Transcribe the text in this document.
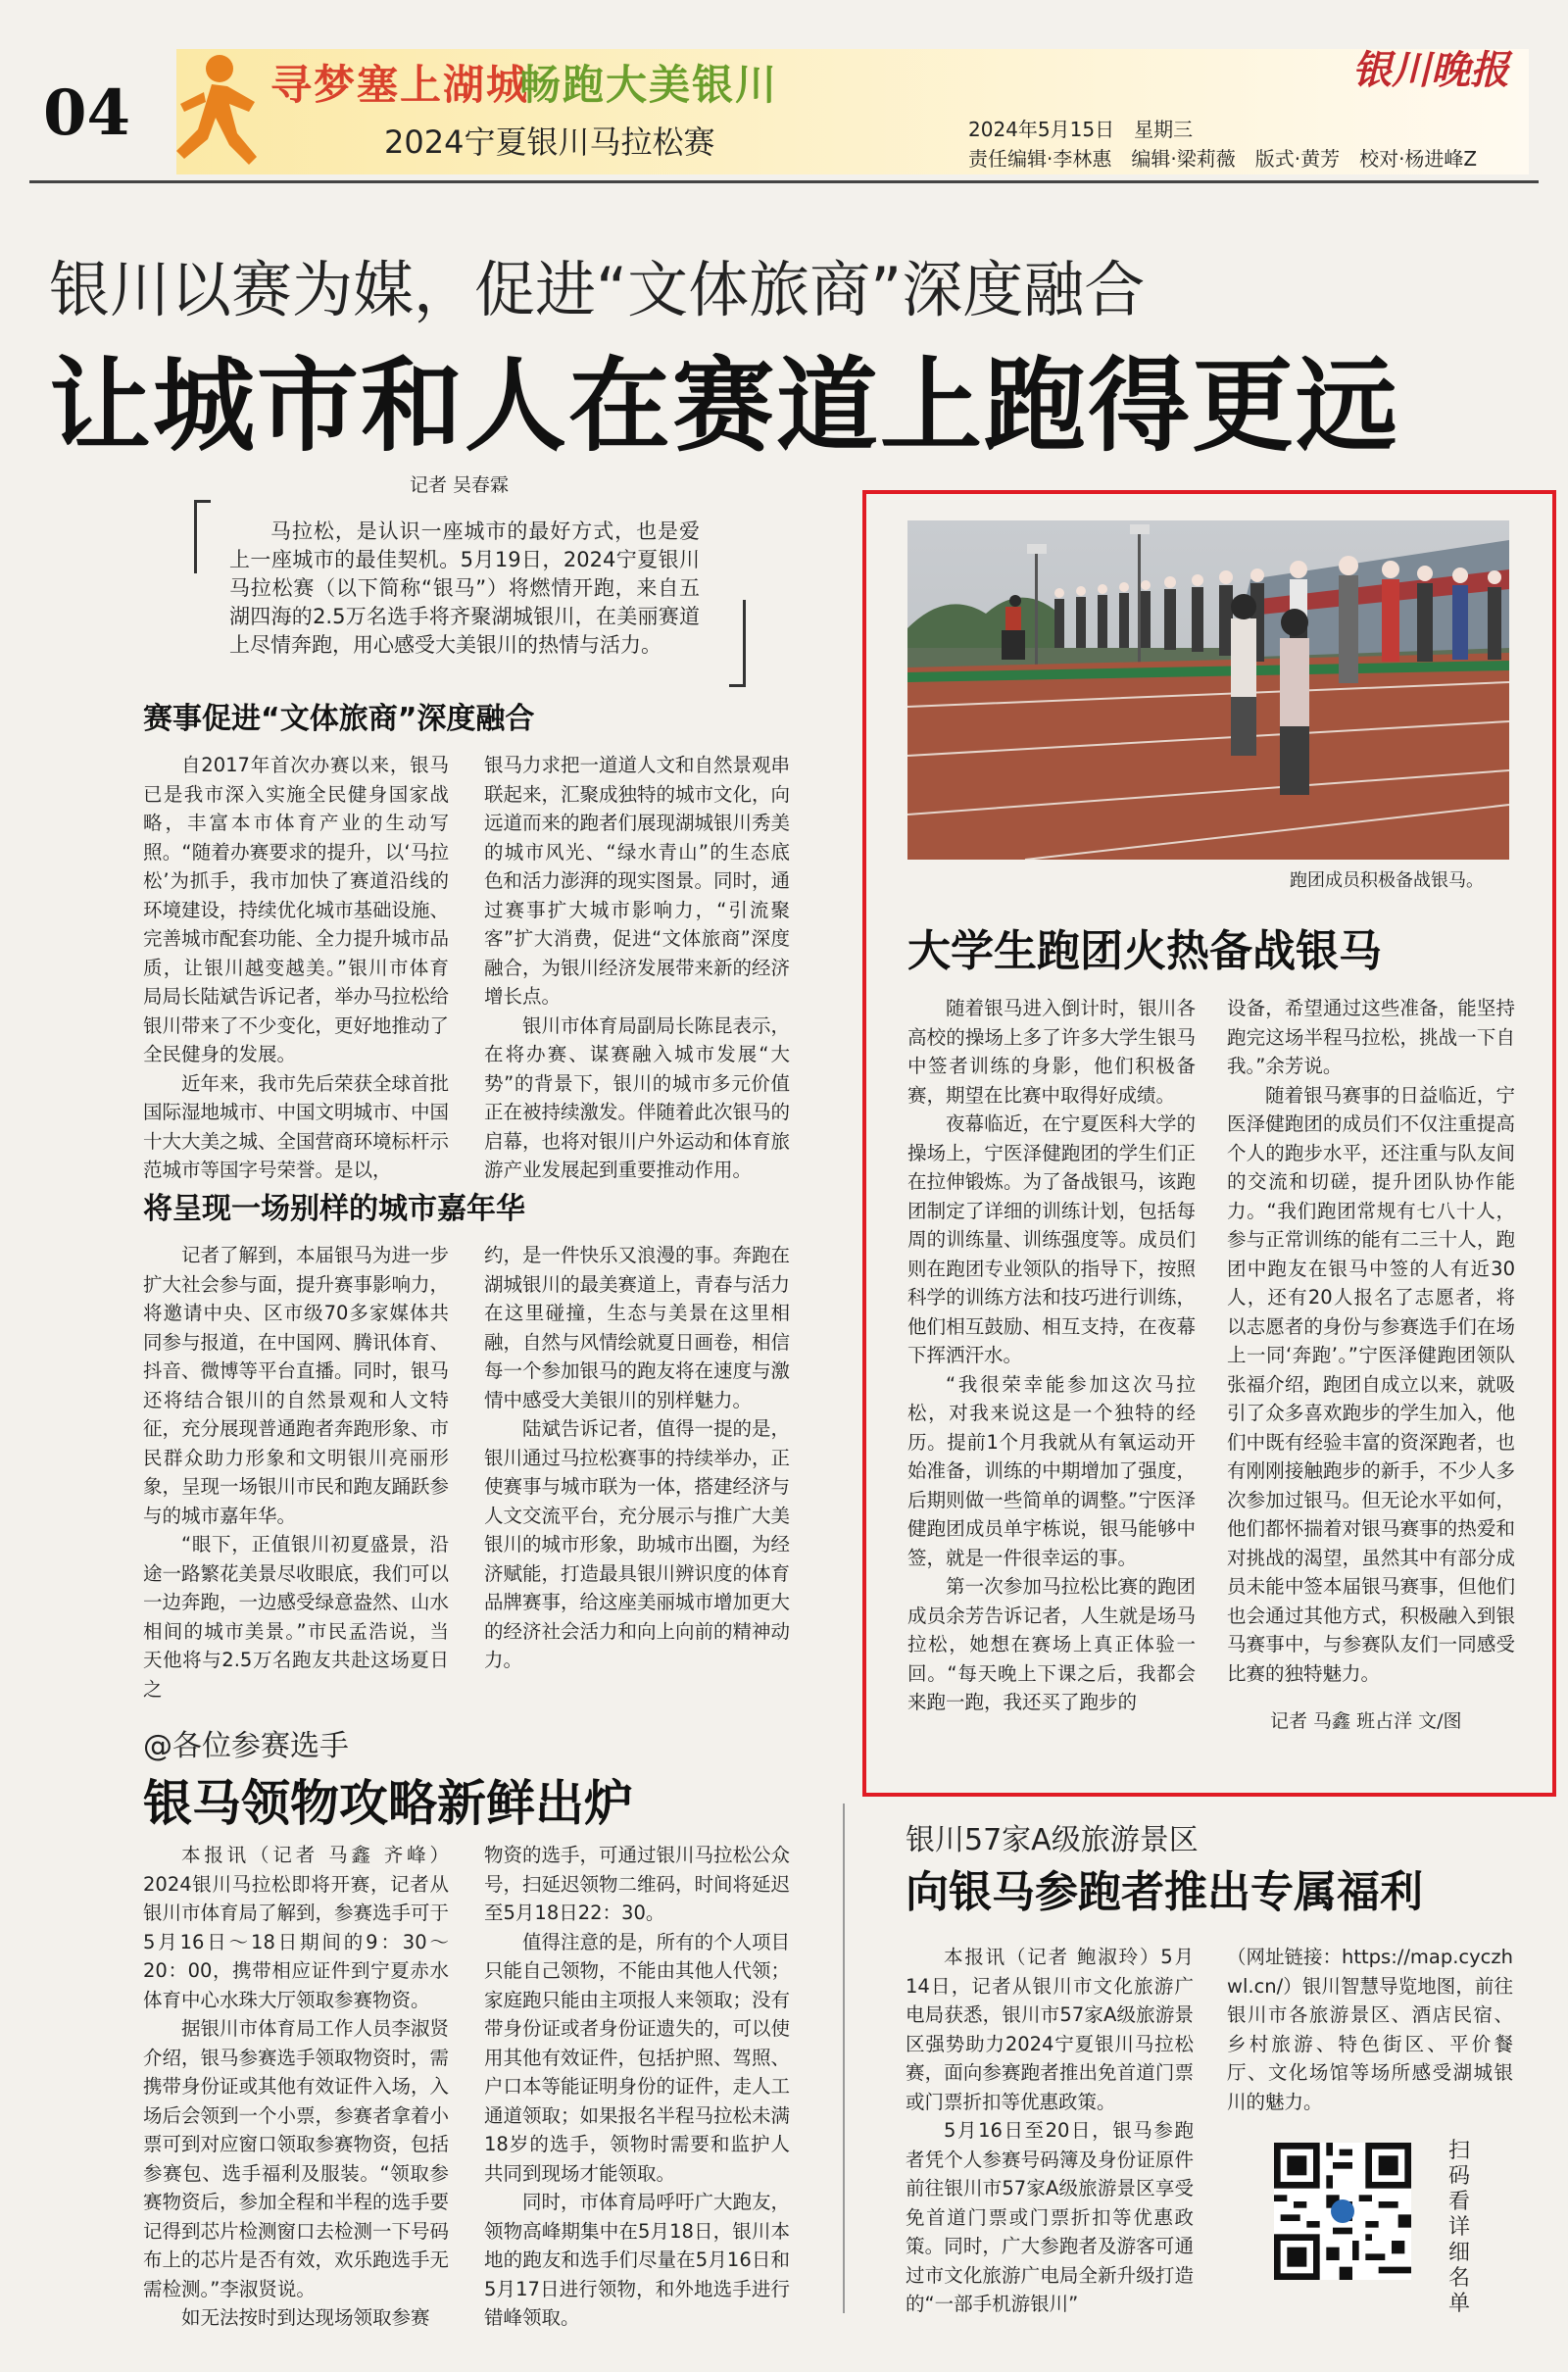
04	寻梦塞上湖城
畅跑大美银川
2024宁夏银川马拉松赛
银川晚报
2024年5月15日　星期三
责任编辑·李林惠　编辑·梁莉薇　版式·黄芳　校对·杨进峰Z
银川以赛为媒，促进“文体旅商”深度融合
让城市和人在赛道上跑得更远
记者 吴春霖
马拉松，是认识一座城市的最好方式，也是爱上一座城市的最佳契机。5月19日，2024宁夏银川马拉松赛（以下简称“银马”）将燃情开跑，来自五湖四海的2.5万名选手将齐聚湖城银川，在美丽赛道上尽情奔跑，用心感受大美银川的热情与活力。
赛事促进“文体旅商”深度融合

自2017年首次办赛以来，银马已是我市深入实施全民健身国家战略，丰富本市体育产业的生动写照。“随着办赛要求的提升，以‘马拉松’为抓手，我市加快了赛道沿线的环境建设，持续优化城市基础设施、完善城市配套功能、全力提升城市品质，让银川越变越美。”银川市体育局局长陆斌告诉记者，举办马拉松给银川带来了不少变化，更好地推动了全民健身的发展。

近年来，我市先后荣获全球首批国际湿地城市、中国文明城市、中国十大大美之城、全国营商环境标杆示范城市等国字号荣誉。是以，

银马力求把一道道人文和自然景观串联起来，汇聚成独特的城市文化，向远道而来的跑者们展现湖城银川秀美的城市风光、“绿水青山”的生态底色和活力澎湃的现实图景。同时，通过赛事扩大城市影响力，“引流聚客”扩大消费，促进“文体旅商”深度融合，为银川经济发展带来新的经济增长点。

银川市体育局副局长陈昆表示，在将办赛、谋赛融入城市发展“大势”的背景下，银川的城市多元价值正在被持续激发。伴随着此次银马的启幕，也将对银川户外运动和体育旅游产业发展起到重要推动作用。

将呈现一场别样的城市嘉年华

记者了解到，本届银马为进一步扩大社会参与面，提升赛事影响力，将邀请中央、区市级70多家媒体共同参与报道，在中国网、腾讯体育、抖音、微博等平台直播。同时，银马还将结合银川的自然景观和人文特征，充分展现普通跑者奔跑形象、市民群众助力形象和文明银川亮丽形象，呈现一场银川市民和跑友踊跃参与的城市嘉年华。

“眼下，正值银川初夏盛景，沿途一路繁花美景尽收眼底，我们可以一边奔跑，一边感受绿意盎然、山水相间的城市美景。”市民孟浩说，当天他将与2.5万名跑友共赴这场夏日之

约，是一件快乐又浪漫的事。奔跑在湖城银川的最美赛道上，青春与活力在这里碰撞，生态与美景在这里相融，自然与风情绘就夏日画卷，相信每一个参加银马的跑友将在速度与激情中感受大美银川的别样魅力。

陆斌告诉记者，值得一提的是，银川通过马拉松赛事的持续举办，正使赛事与城市联为一体，搭建经济与人文交流平台，充分展示与推广大美银川的城市形象，助城市出圈，为经济赋能，打造最具银川辨识度的体育品牌赛事，给这座美丽城市增加更大的经济社会活力和向上向前的精神动力。

跑团成员积极备战银马。
大学生跑团火热备战银马

随着银马进入倒计时，银川各高校的操场上多了许多大学生银马中签者训练的身影，他们积极备赛，期望在比赛中取得好成绩。

夜幕临近，在宁夏医科大学的操场上，宁医泽健跑团的学生们正在拉伸锻炼。为了备战银马，该跑团制定了详细的训练计划，包括每周的训练量、训练强度等。成员们则在跑团专业领队的指导下，按照科学的训练方法和技巧进行训练，他们相互鼓励、相互支持，在夜幕下挥洒汗水。

“我很荣幸能参加这次马拉松，对我来说这是一个独特的经历。提前1个月我就从有氧运动开始准备，训练的中期增加了强度，后期则做一些简单的调整。”宁医泽健跑团成员单宇栋说，银马能够中签，就是一件很幸运的事。

第一次参加马拉松比赛的跑团成员余芳告诉记者，人生就是场马拉松，她想在赛场上真正体验一回。“每天晚上下课之后，我都会来跑一跑，我还买了跑步的

设备，希望通过这些准备，能坚持跑完这场半程马拉松，挑战一下自我。”余芳说。

随着银马赛事的日益临近，宁医泽健跑团的成员们不仅注重提高个人的跑步水平，还注重与队友间的交流和切磋，提升团队协作能力。“我们跑团常规有七八十人，参与正常训练的能有二三十人，跑团中跑友在银马中签的人有近30人，还有20人报名了志愿者，将以志愿者的身份与参赛选手们在场上一同‘奔跑’。”宁医泽健跑团领队张福介绍，跑团自成立以来，就吸引了众多喜欢跑步的学生加入，他们中既有经验丰富的资深跑者，也有刚刚接触跑步的新手，不少人多次参加过银马。但无论水平如何，他们都怀揣着对银马赛事的热爱和对挑战的渴望，虽然其中有部分成员未能中签本届银马赛事，但他们也会通过其他方式，积极融入到银马赛事中，与参赛队友们一同感受比赛的独特魅力。

记者 马鑫 班占洋 文/图
@各位参赛选手
银马领物攻略新鲜出炉

本报讯（记者 马鑫 齐峰）2024银川马拉松即将开赛，记者从银川市体育局了解到，参赛选手可于5月16日～18日期间的9：30～20：00，携带相应证件到宁夏赤水体育中心水珠大厅领取参赛物资。

据银川市体育局工作人员李淑贤介绍，银马参赛选手领取物资时，需携带身份证或其他有效证件入场，入场后会领到一个小票，参赛者拿着小票可到对应窗口领取参赛物资，包括参赛包、选手福利及服装。“领取参赛物资后，参加全程和半程的选手要记得到芯片检测窗口去检测一下号码布上的芯片是否有效，欢乐跑选手无需检测。”李淑贤说。

如无法按时到达现场领取参赛

物资的选手，可通过银川马拉松公众号，扫延迟领物二维码，时间将延迟至5月18日22：30。

值得注意的是，所有的个人项目只能自己领物，不能由其他人代领；家庭跑只能由主项报人来领取；没有带身份证或者身份证遗失的，可以使用其他有效证件，包括护照、驾照、户口本等能证明身份的证件，走人工通道领取；如果报名半程马拉松未满18岁的选手，领物时需要和监护人共同到现场才能领取。

同时，市体育局呼吁广大跑友，领物高峰期集中在5月18日，银川本地的跑友和选手们尽量在5月16日和5月17日进行领物，和外地选手进行错峰领取。

银川57家A级旅游景区
向银马参跑者推出专属福利

本报讯（记者 鲍淑玲）5月14日，记者从银川市文化旅游广电局获悉，银川市57家A级旅游景区强势助力2024宁夏银川马拉松赛，面向参赛跑者推出免首道门票或门票折扣等优惠政策。

5月16日至20日，银马参跑者凭个人参赛号码簿及身份证原件前往银川市57家A级旅游景区享受免首道门票或门票折扣等优惠政策。同时，广大参跑者及游客可通过市文化旅游广电局全新升级打造的“一部手机游银川”

（网址链接：https://map.cyczhwl.cn/）银川智慧导览地图，前往银川市各旅游景区、酒店民宿、乡村旅游、特色街区、平价餐厅、文化场馆等场所感受湖城银川的魅力。

扫码看详细名单
